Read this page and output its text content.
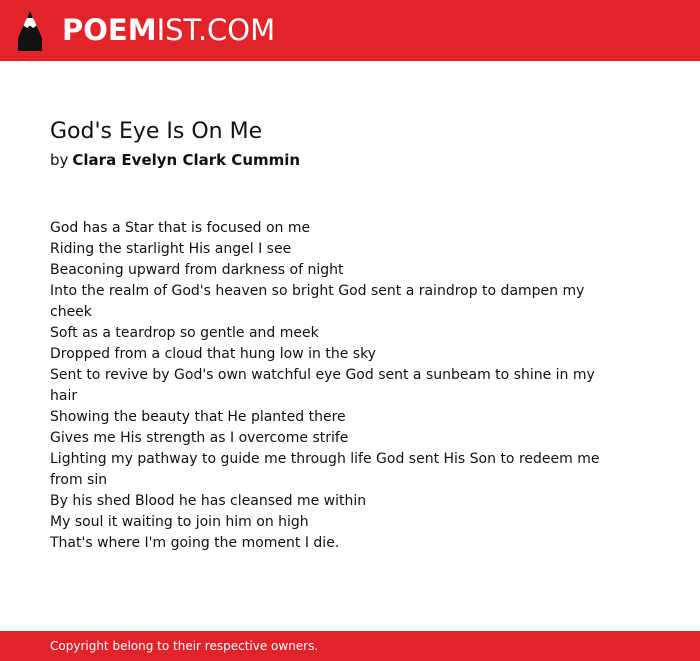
POEMIST.COM
God's Eye Is On Me
by Clara Evelyn Clark Cummin
God has a Star that is focused on me
Riding the starlight His angel I see
Beaconing upward from darkness of night
Into the realm of God's heaven so bright God sent a raindrop to dampen my cheek
Soft as a teardrop so gentle and meek
Dropped from a cloud that hung low in the sky
Sent to revive by God's own watchful eye God sent a sunbeam to shine in my hair
Showing the beauty that He planted there
Gives me His strength as I overcome strife
Lighting my pathway to guide me through life God sent His Son to redeem me from sin
By his shed Blood he has cleansed me within
My soul it waiting to join him on high
That's where I'm going the moment I die.
Copyright belong to their respective owners.
